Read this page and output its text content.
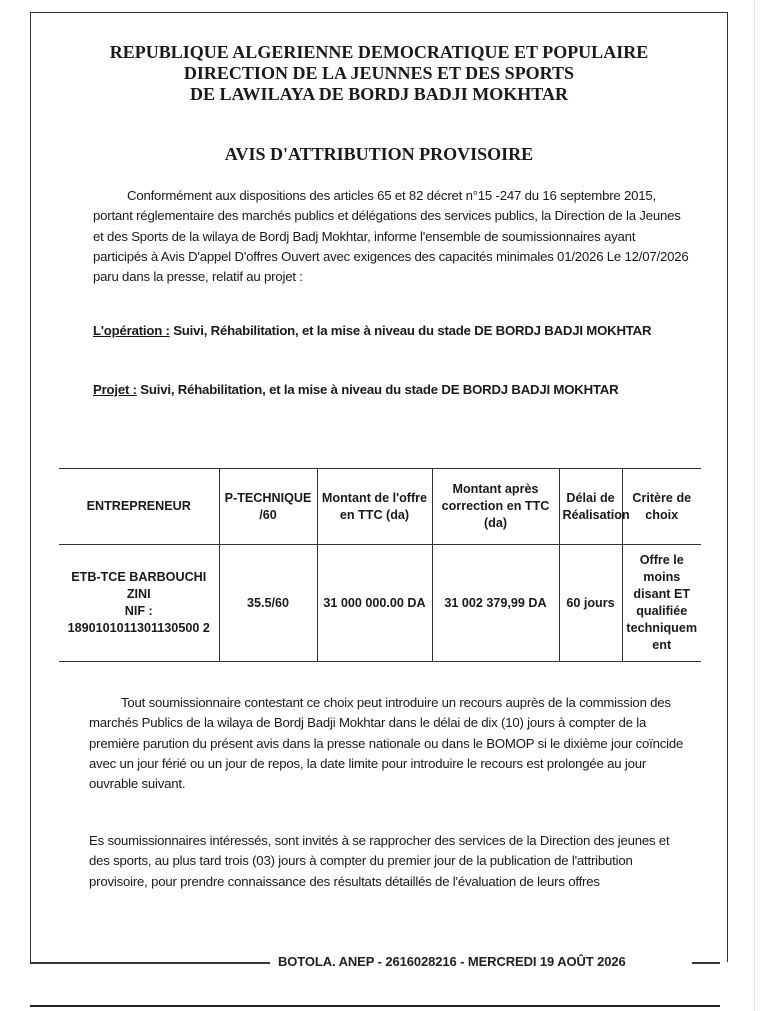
REPUBLIQUE ALGERIENNE DEMOCRATIQUE ET POPULAIRE
DIRECTION DE LA JEUNNES ET DES SPORTS
DE LAWILAYA DE BORDJ BADJI MOKHTAR
AVIS D'ATTRIBUTION PROVISOIRE

Conformément aux dispositions des articles 65 et 82 décret n°15 -247 du 16 septembre 2015, portant réglementaire des marchés publics et délégations des services publics, la Direction de la Jeunes et des Sports de la wilaya de Bordj Badj Mokhtar, informe l'ensemble de soumissionnaires ayant participés à Avis D'appel D'offres Ouvert avec exigences des capacités minimales 01/2026 Le 12/07/2026 paru dans la presse, relatif au projet :

L'opération : Suivi, Réhabilitation, et la mise à niveau du stade DE BORDJ BADJI MOKHTAR
Projet : Suivi, Réhabilitation, et la mise à niveau du stade DE BORDJ BADJI MOKHTAR
ENTREPRENEUR	P-TECHNIQUE /60	Montant de l'offre en TTC (da)	Montant après correction en TTC (da)	Délai de Réalisation	Critère de choix

ETB-TCE BARBOUCHI ZINI
NIF :
1890101011301130500 2	35.5/60	31 000 000.00 DA	31 002 379,99 DA	60 jours	Offre le moins disant ET qualifiée techniquement

Tout soumissionnaire contestant ce choix peut introduire un recours auprès de la commission des marchés Publics de la wilaya de Bordj Badji Mokhtar dans le délai de dix (10) jours à compter de la première parution du présent avis dans la presse nationale ou dans le BOMOP si le dixième jour coïncide avec un jour férié ou un jour de repos, la date limite pour introduire le recours est prolongée au jour ouvrable suivant.

Es soumissionnaires intéressés, sont invités à se rapprocher des services de la Direction des jeunes et des sports, au plus tard trois (03) jours à compter du premier jour de la publication de l'attribution provisoire, pour prendre connaissance des résultats détaillés de l'évaluation de leurs offres

BOTOLA. ANEP - 2616028216 - MERCREDI 19 AOÛT 2026
